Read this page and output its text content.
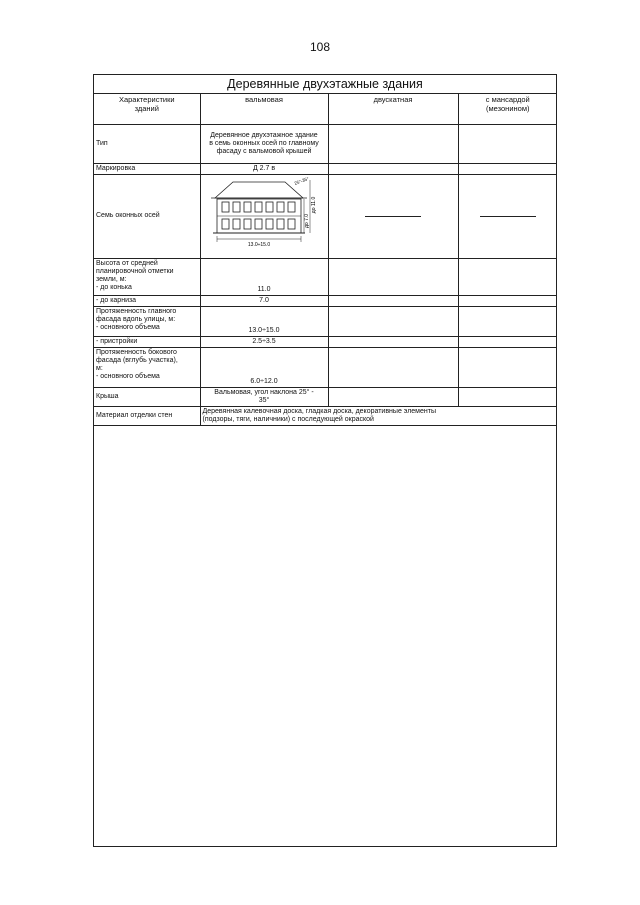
108
Деревянные двухэтажные здания
Характеристики
зданий	вальмовая	двускатная	с мансардой
(мезонином)
Тип	Деревянное двухэтажное здание
в семь оконных осей по главному
фасаду с вальмовой крышей		
Маркировка	Д 2.7 в		
Семь оконных осей	13.0÷15.0
до 7.0
до 11.0
25°-35°		

Высота от средней
планировочной отметки
земли, м:
- до конька	11.0		
- до карниза	7.0		
Протяженность главного
фасада вдоль улицы, м:
- основного объема	13.0÷15.0		
- пристройки	2.5÷3.5		
Протяженность бокового
фасада (вглубь участка),
м:
- основного объема	6.0÷12.0		
Крыша	Вальмовая, угол наклона 25° -
35°		
Материал отделки стен	Деревянная калевочная доска, гладкая доска, декоративные элементы
(подзоры, тяги, наличники) с последующей окраской		
